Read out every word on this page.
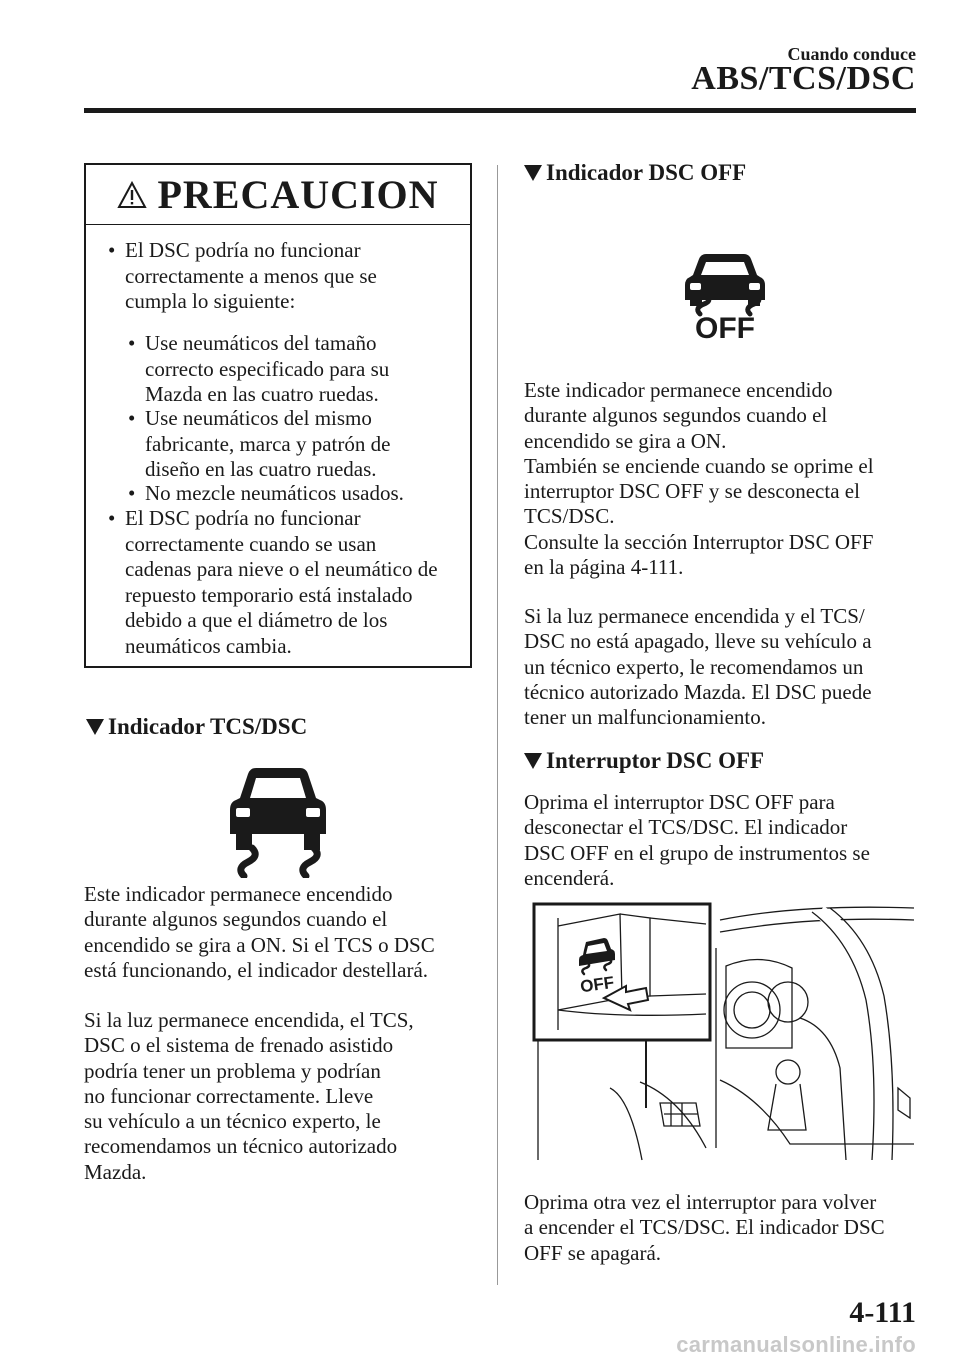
Cuando conduce
ABS/TCS/DSC
PRECAUCION
• El DSC podría no funcionar
correctamente a menos que se
cumpla lo siguiente:
• Use neumáticos del tamaño
correcto especificado para su
Mazda en las cuatro ruedas.
• Use neumáticos del mismo
fabricante, marca y patrón de
diseño en las cuatro ruedas.
• No mezcle neumáticos usados.
• El DSC podría no funcionar
correctamente cuando se usan
cadenas para nieve o el neumático de
repuesto temporario está instalado
debido a que el diámetro de los
neumáticos cambia.
Indicador TCS/DSC

Este indicador permanece encendido

durante algunos segundos cuando el

encendido se gira a ON. Si el TCS o DSC

está funcionando, el indicador destellará.

Si la luz permanece encendida, el TCS,

DSC o el sistema de frenado asistido

podría tener un problema y podrían

no funcionar correctamente. Lleve

su vehículo a un técnico experto, le

recomendamos un técnico autorizado

Mazda.

Indicador DSC OFF
OFF

Este indicador permanece encendido

durante algunos segundos cuando el

encendido se gira a ON.

También se enciende cuando se oprime el

interruptor DSC OFF y se desconecta el

TCS/DSC.

Consulte la sección Interruptor DSC OFF

en la página 4-111.

Si la luz permanece encendida y el TCS/

DSC no está apagado, lleve su vehículo a

un técnico experto, le recomendamos un

técnico autorizado Mazda. El DSC puede

tener un malfuncionamiento.

Interruptor DSC OFF

Oprima el interruptor DSC OFF para

desconectar el TCS/DSC. El indicador

DSC OFF en el grupo de instrumentos se

encenderá.

OFF

Oprima otra vez el interruptor para volver

a encender el TCS/DSC. El indicador DSC

OFF se apagará.

4-111
carmanualsonline.info
